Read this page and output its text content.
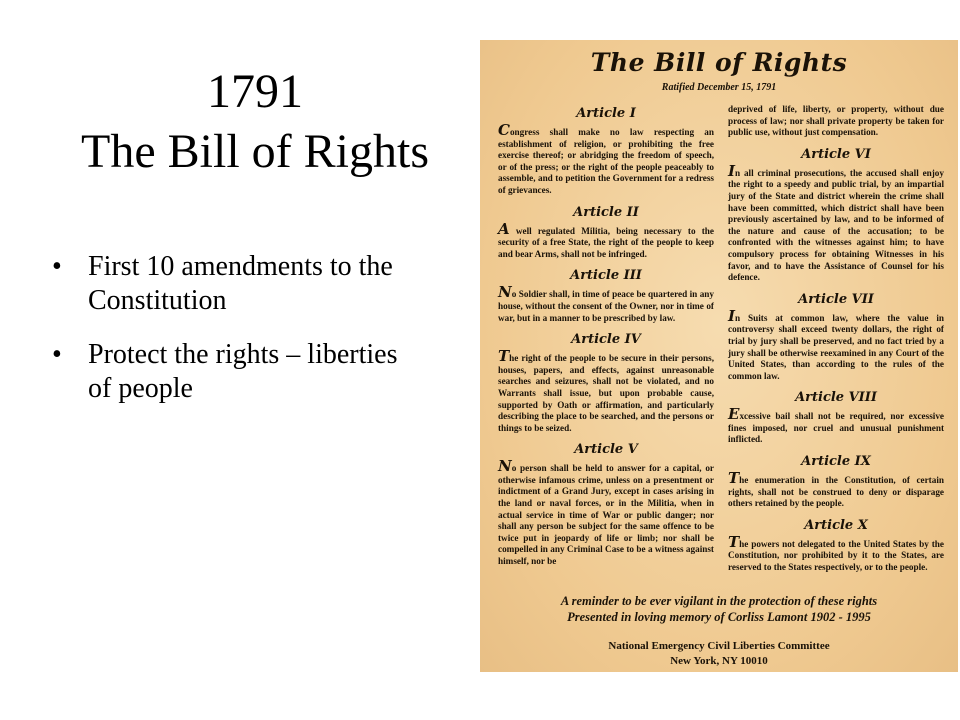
1791
The Bill of Rights
• First 10 amendments to the Constitution
• Protect the rights – liberties of people
The Bill of Rights
Ratified December 15, 1791
Article I
Congress shall make no law respecting an establishment of religion, or prohibiting the free exercise thereof; or abridging the freedom of speech, or of the press; or the right of the people peaceably to assemble, and to petition the Government for a redress of grievances.
Article II
A well regulated Militia, being necessary to the security of a free State, the right of the people to keep and bear Arms, shall not be infringed.
Article III
No Soldier shall, in time of peace be quartered in any house, without the consent of the Owner, nor in time of war, but in a manner to be prescribed by law.
Article IV
The right of the people to be secure in their persons, houses, papers, and effects, against unreasonable searches and seizures, shall not be violated, and no Warrants shall issue, but upon probable cause, supported by Oath or affirmation, and particularly describing the place to be searched, and the persons or things to be seized.
Article V
No person shall be held to answer for a capital, or otherwise infamous crime, unless on a presentment or indictment of a Grand Jury, except in cases arising in the land or naval forces, or in the Militia, when in actual service in time of War or public danger; nor shall any person be subject for the same offence to be twice put in jeopardy of life or limb; nor shall be compelled in any Criminal Case to be a witness against himself, nor be
deprived of life, liberty, or property, without due process of law; nor shall private property be taken for public use, without just compensation.
Article VI
In all criminal prosecutions, the accused shall enjoy the right to a speedy and public trial, by an impartial jury of the State and district wherein the crime shall have been committed, which district shall have been previously ascertained by law, and to be informed of the nature and cause of the accusation; to be confronted with the witnesses against him; to have compulsory process for obtaining Witnesses in his favor, and to have the Assistance of Counsel for his defence.
Article VII
In Suits at common law, where the value in controversy shall exceed twenty dollars, the right of trial by jury shall be preserved, and no fact tried by a jury shall be otherwise reexamined in any Court of the United States, than according to the rules of the common law.
Article VIII
Excessive bail shall not be required, nor excessive fines imposed, nor cruel and unusual punishment inflicted.
Article IX
The enumeration in the Constitution, of certain rights, shall not be construed to deny or disparage others retained by the people.
Article X
The powers not delegated to the United States by the Constitution, nor prohibited by it to the States, are reserved to the States respectively, or to the people.
A reminder to be ever vigilant in the protection of these rights
Presented in loving memory of Corliss Lamont 1902 - 1995
National Emergency Civil Liberties Committee
New York, NY 10010
